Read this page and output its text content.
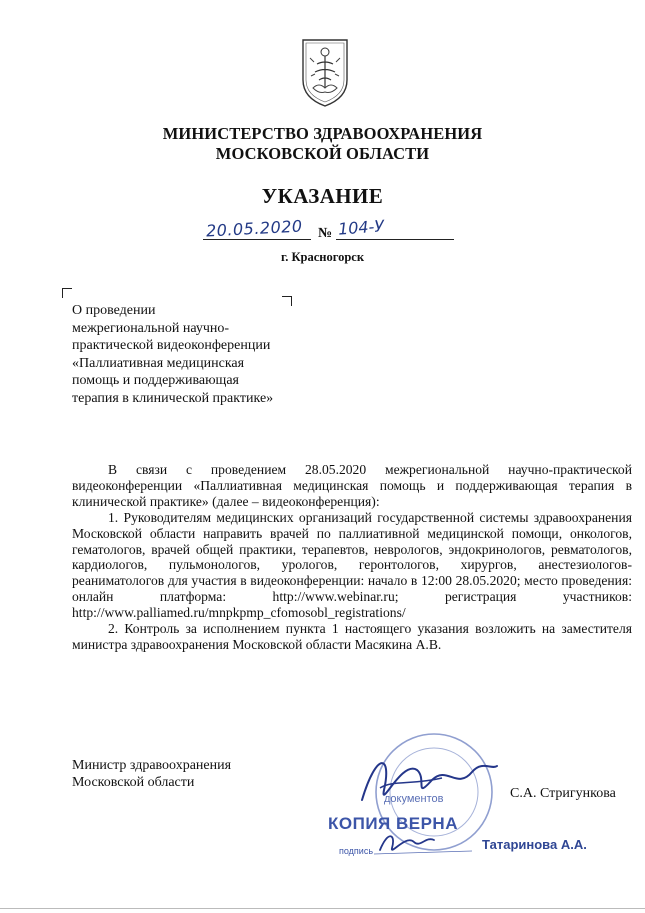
МИНИСТЕРСТВО ЗДРАВООХРАНЕНИЯ
МОСКОВСКОЙ ОБЛАСТИ
УКАЗАНИЕ
20.05.2020 № 104-У
г. Красногорск
О проведении
межрегиональной научно-
практической видеоконференции
«Паллиативная медицинская
помощь и поддерживающая
терапия в клинической практике»

В связи с проведением 28.05.2020 межрегиональной научно-практической видеоконференции «Паллиативная медицинская помощь и поддерживающая терапия в клинической практике» (далее – видеоконференция):

1. Руководителям медицинских организаций государственной системы здравоохранения Московской области направить врачей по паллиативной медицинской помощи, онкологов, гематологов, врачей общей практики, терапевтов, неврологов, эндокринологов, ревматологов, кардиологов, пульмонологов, урологов, геронтологов, хирургов, анестезиологов-реаниматологов для участия в видеоконференции: начало в 12:00 28.05.2020; место проведения: онлайн платформа: http://www.webinar.ru; регистрация участников: http://www.palliamed.ru/mnpkpmp_cfomosobl_registrations/

2. Контроль за исполнением пункта 1 настоящего указания возложить на заместителя министра здравоохранения Московской области Масякина А.В.

Министр здравоохранения
Московской области
документов
КОПИЯ ВЕРНА
подпись	Татаринова А.А.
С.А. Стригункова
